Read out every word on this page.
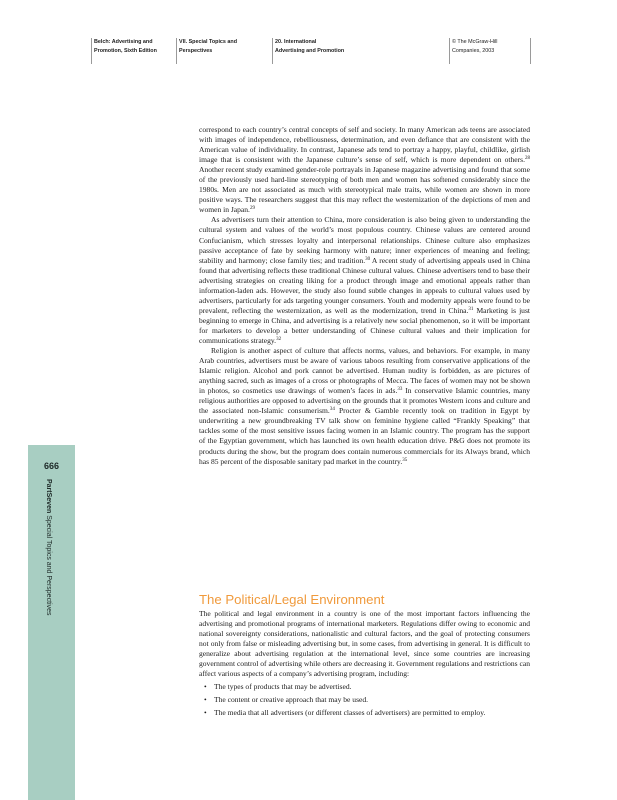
Belch: Advertising and
Promotion, Sixth Edition
VII. Special Topics and
Perspectives
20. International
Advertising and Promotion
© The McGraw-Hill
Companies, 2003
666
PartSeven Special Topics and Perspectives

correspond to each country’s central concepts of self and society. In many American ads teens are associated with images of independence, rebelliousness, determination, and even defiance that are consistent with the American value of individuality. In contrast, Japanese ads tend to portray a happy, playful, childlike, girlish image that is consistent with the Japanese culture’s sense of self, which is more dependent on others.$^{28}$ Another recent study examined gender-role portrayals in Japanese magazine advertising and found that some of the previously used hard-line stereotyping of both men and women has softened considerably since the 1980s. Men are not associated as much with stereotypical male traits, while women are shown in more positive ways. The researchers suggest that this may reflect the westernization of the depictions of men and women in Japan.$^{29}$

As advertisers turn their attention to China, more consideration is also being given to understanding the cultural system and values of the world’s most populous country. Chinese values are centered around Confucianism, which stresses loyalty and interpersonal relationships. Chinese culture also emphasizes passive acceptance of fate by seeking harmony with nature; inner experiences of meaning and feeling; stability and harmony; close family ties; and tradition.$^{30}$ A recent study of advertising appeals used in China found that advertising reflects these traditional Chinese cultural values. Chinese advertisers tend to base their advertising strategies on creating liking for a product through image and emotional appeals rather than information-laden ads. However, the study also found subtle changes in appeals to cultural values used by advertisers, particularly for ads targeting younger consumers. Youth and modernity appeals were found to be prevalent, reflecting the westernization, as well as the modernization, trend in China.$^{31}$ Marketing is just beginning to emerge in China, and advertising is a relatively new social phenomenon, so it will be important for marketers to develop a better understanding of Chinese cultural values and their implication for communications strategy.$^{32}$

Religion is another aspect of culture that affects norms, values, and behaviors. For example, in many Arab countries, advertisers must be aware of various taboos resulting from conservative applications of the Islamic religion. Alcohol and pork cannot be advertised. Human nudity is forbidden, as are pictures of anything sacred, such as images of a cross or photographs of Mecca. The faces of women may not be shown in photos, so cosmetics use drawings of women’s faces in ads.$^{33}$ In conservative Islamic countries, many religious authorities are opposed to advertising on the grounds that it promotes Western icons and culture and the associated non-Islamic consumerism.$^{34}$ Procter & Gamble recently took on tradition in Egypt by underwriting a new groundbreaking TV talk show on feminine hygiene called “Frankly Speaking” that tackles some of the most sensitive issues facing women in an Islamic country. The program has the support of the Egyptian government, which has launched its own health education drive. P&G does not promote its products during the show, but the program does contain numerous commercials for its Always brand, which has 85 percent of the disposable sanitary pad market in the country.$^{35}$

The Political/Legal Environment

The political and legal environment in a country is one of the most important factors influencing the advertising and promotional programs of international marketers. Regulations differ owing to economic and national sovereignty considerations, nationalistic and cultural factors, and the goal of protecting consumers not only from false or misleading advertising but, in some cases, from advertising in general. It is difficult to generalize about advertising regulation at the international level, since some countries are increasing government control of advertising while others are decreasing it. Government regulations and restrictions can affect various aspects of a company’s advertising program, including:

• The types of products that may be advertised.
• The content or creative approach that may be used.
• The media that all advertisers (or different classes of advertisers) are permitted to employ.
